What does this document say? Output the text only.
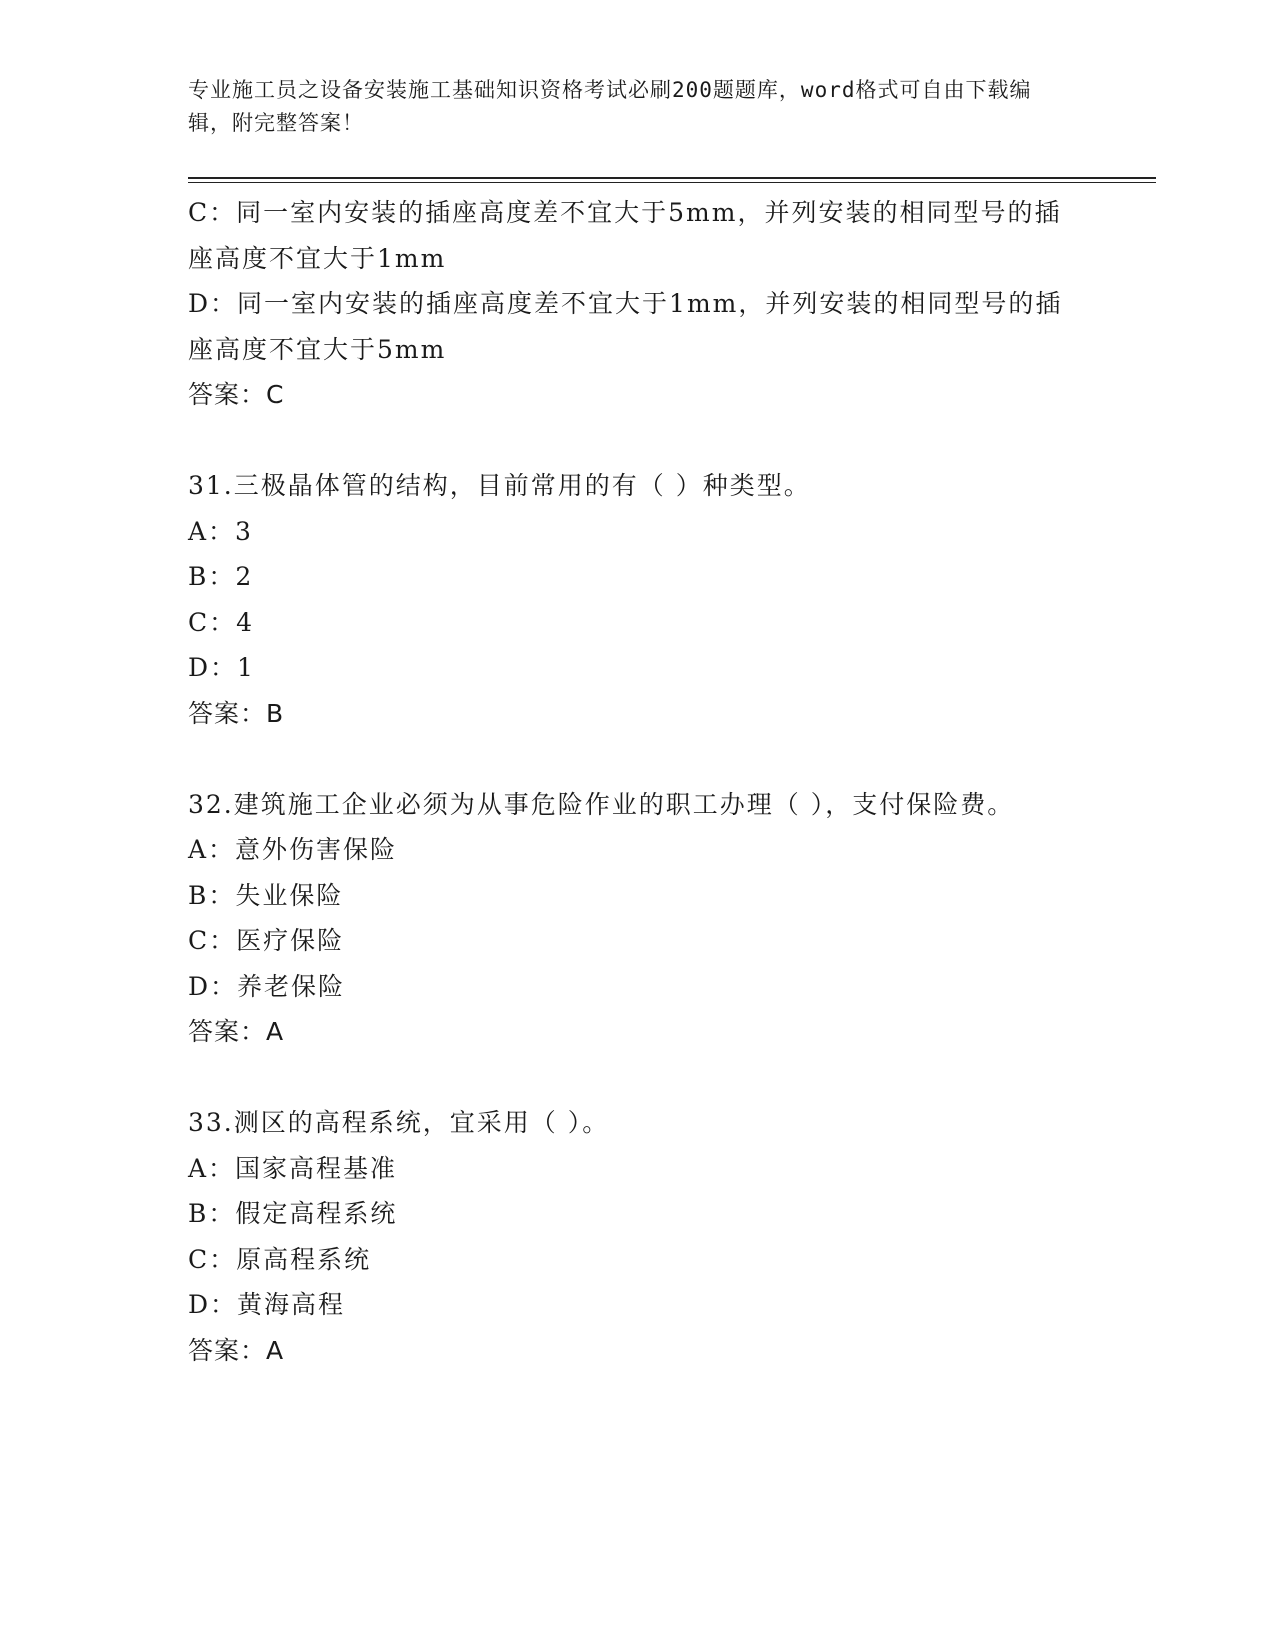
专业施工员之设备安装施工基础知识资格考试必刷200题题库，word格式可自由下载编辑，附完整答案！
C：同一室内安装的插座高度差不宜大于5mm，并列安装的相同型号的插座高度不宜大于1mm
D：同一室内安装的插座高度差不宜大于1mm，并列安装的相同型号的插座高度不宜大于5mm
答案：C
31.三极晶体管的结构，目前常用的有（ ）种类型。
A：3
B：2
C：4
D：1
答案：B
32.建筑施工企业必须为从事危险作业的职工办理（ ），支付保险费。
A：意外伤害保险
B：失业保险
C：医疗保险
D：养老保险
答案：A
33.测区的高程系统，宜采用（ ）。
A：国家高程基准
B：假定高程系统
C：原高程系统
D：黄海高程
答案：A
